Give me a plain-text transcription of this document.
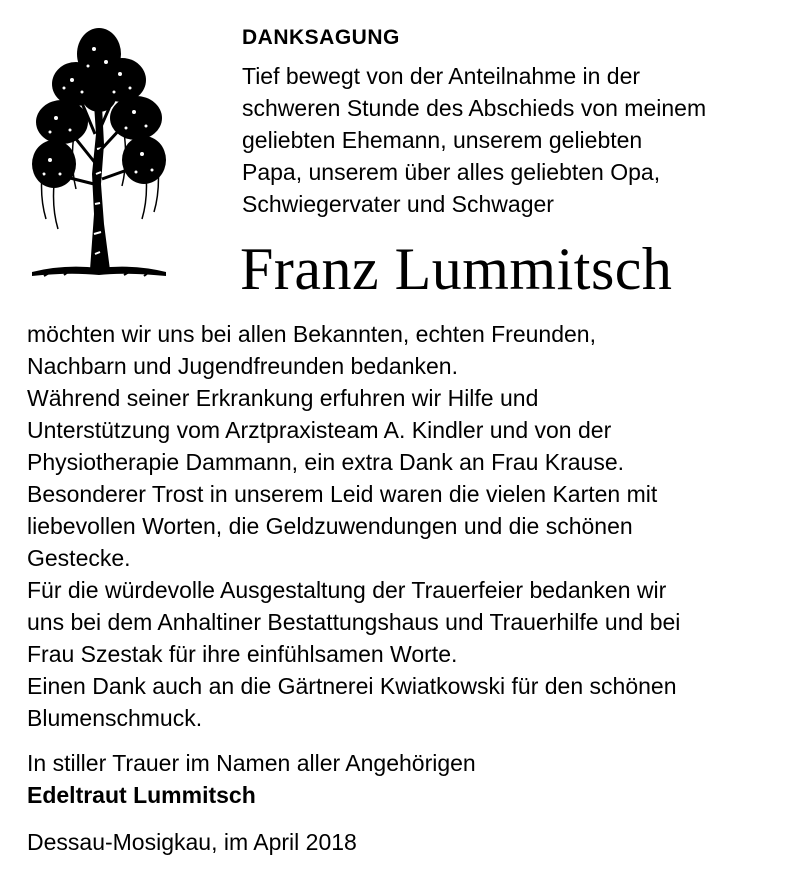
DANKSAGUNG
Tief bewegt von der Anteilnahme in der
schweren Stunde des Abschieds von meinem
geliebten Ehemann, unserem geliebten
Papa, unserem über alles geliebten Opa,
Schwiegervater und Schwager
Franz Lummitsch
möchten wir uns bei allen Bekannten, echten Freunden,
Nachbarn und Jugendfreunden bedanken.
Während seiner Erkrankung erfuhren wir Hilfe und
Unterstützung vom Arztpraxisteam A. Kindler und von der
Physiotherapie Dammann, ein extra Dank an Frau Krause.
Besonderer Trost in unserem Leid waren die vielen Karten mit
liebevollen Worten, die Geldzuwendungen und die schönen
Gestecke.
Für die würdevolle Ausgestaltung der Trauerfeier bedanken wir
uns bei dem Anhaltiner Bestattungshaus und Trauerhilfe und bei
Frau Szestak für ihre einfühlsamen Worte.
Einen Dank auch an die Gärtnerei Kwiatkowski für den schönen
Blumenschmuck.
In stiller Trauer im Namen aller Angehörigen
Edeltraut Lummitsch
Dessau-Mosigkau, im April 2018
